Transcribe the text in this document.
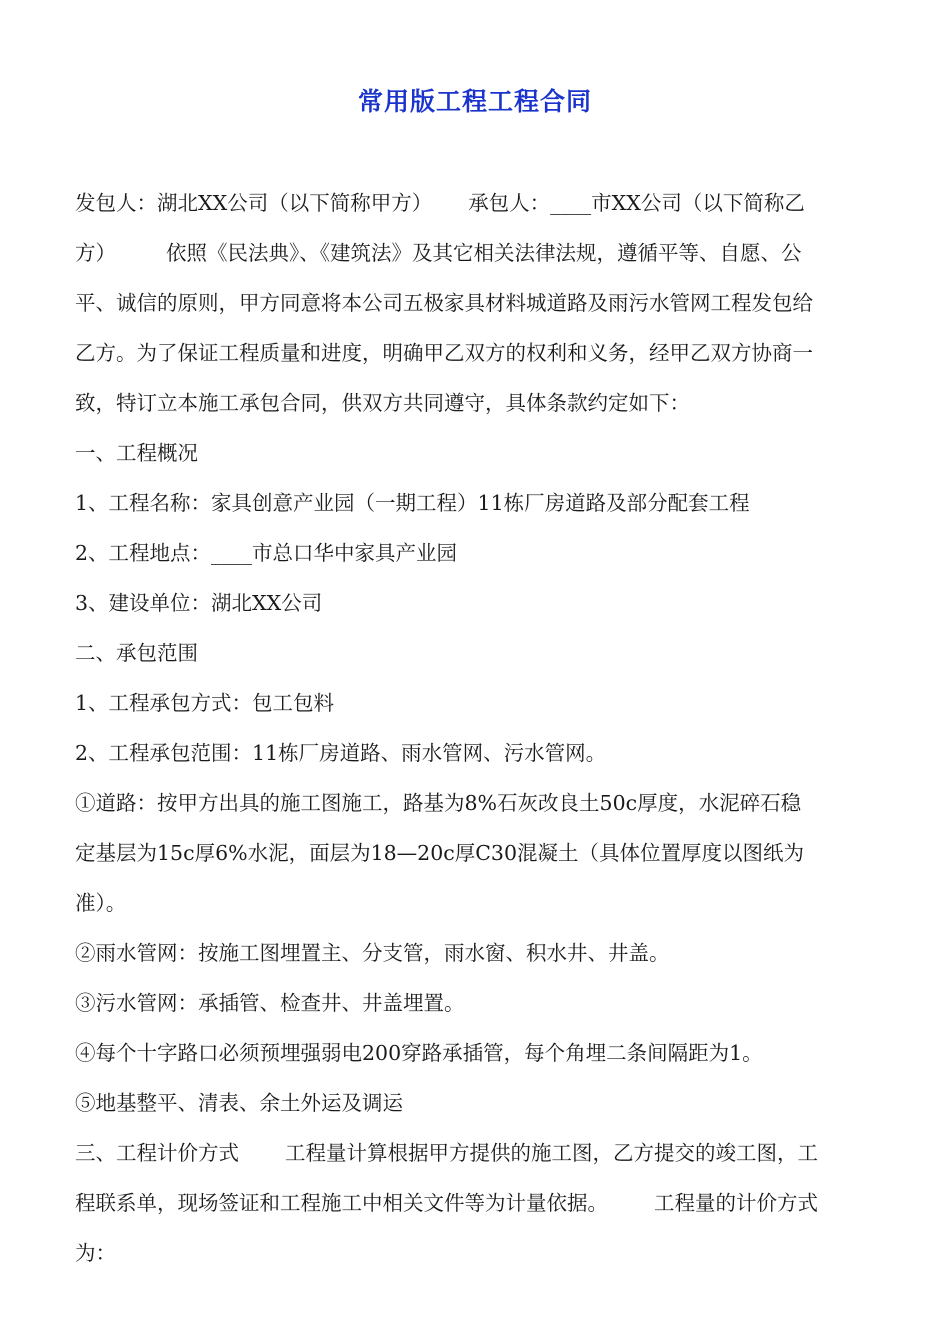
常用版工程工程合同
发包人：湖北XX公司（以下简称甲方） 承包人：____市XX公司（以下简称乙
方） 依照《民法典》、《建筑法》及其它相关法律法规，遵循平等、自愿、公
平、诚信的原则，甲方同意将本公司五极家具材料城道路及雨污水管网工程发包给
乙方。为了保证工程质量和进度，明确甲乙双方的权利和义务，经甲乙双方协商一
致，特订立本施工承包合同，供双方共同遵守，具体条款约定如下：
一、工程概况
1、工程名称：家具创意产业园（一期工程）11栋厂房道路及部分配套工程
2、工程地点：____市总口华中家具产业园
3、建设单位：湖北XX公司
二、承包范围
1、工程承包方式：包工包料
2、工程承包范围：11栋厂房道路、雨水管网、污水管网。
①道路：按甲方出具的施工图施工，路基为8%石灰改良土50c厚度，水泥碎石稳
定基层为15c厚6%水泥，面层为18—20c厚C30混凝土（具体位置厚度以图纸为
准）。
②雨水管网：按施工图埋置主、分支管，雨水窗、积水井、井盖。
③污水管网：承插管、检查井、井盖埋置。
④每个十字路口必须预埋强弱电200穿路承插管，每个角埋二条间隔距为1。
⑤地基整平、清表、余土外运及调运
三、工程计价方式 工程量计算根据甲方提供的施工图，乙方提交的竣工图，工
程联系单，现场签证和工程施工中相关文件等为计量依据。 工程量的计价方式
为：
